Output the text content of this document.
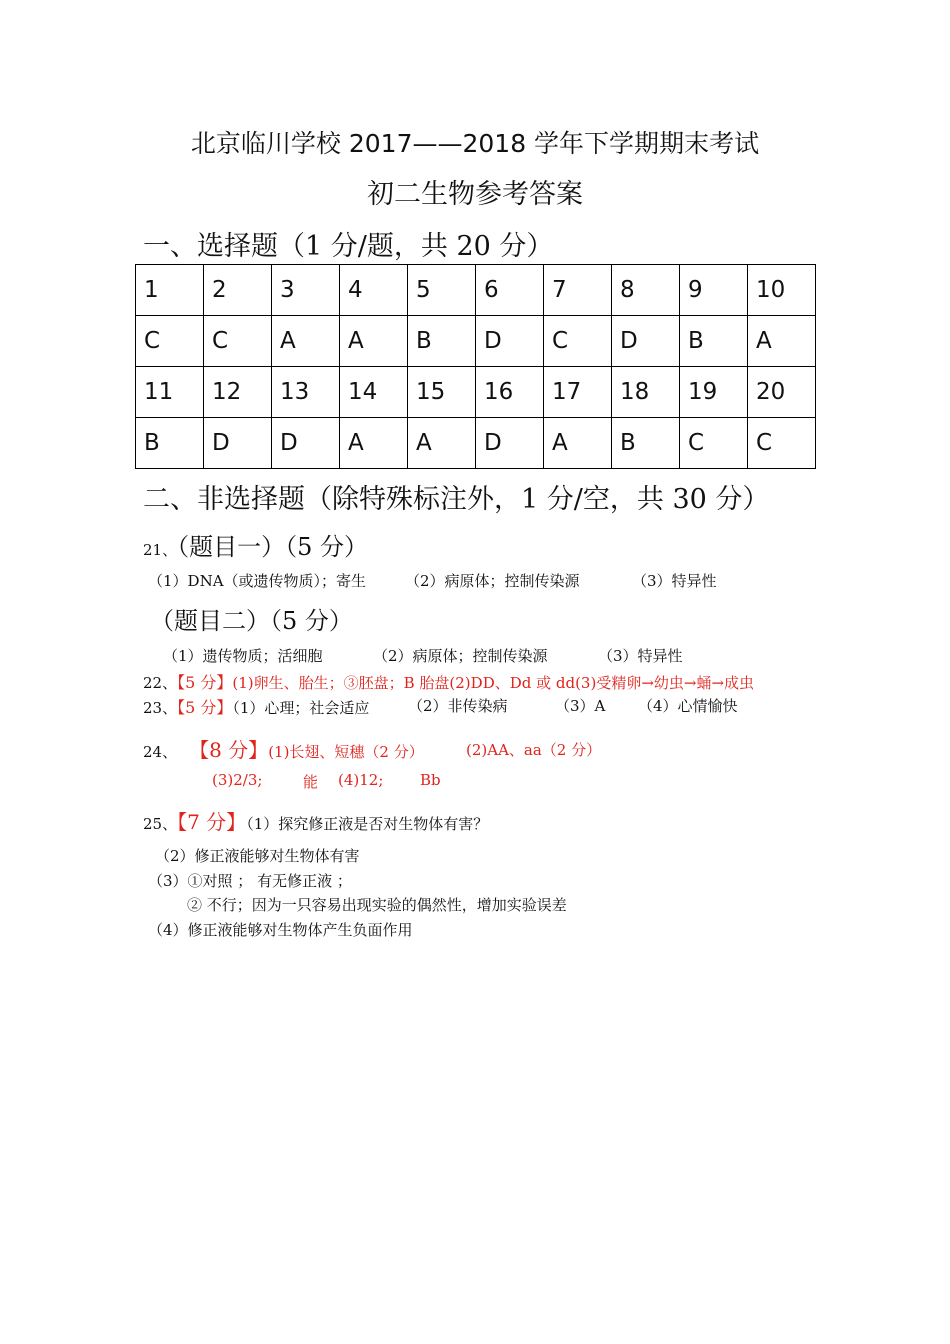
北京临川学校 2017——2018 学年下学期期末考试
初二生物参考答案
一、选择题（1 分/题，共 20 分）
1	2	3	4	5	6	7	8	9	10
C	C	A	A	B	D	C	D	B	A
11	12	13	14	15	16	17	18	19	20
B	D	D	A	A	D	A	B	C	C
二、非选择题（除特殊标注外，1 分/空，共 30 分）
21、（题目一）（5 分）
（1）DNA（或遗传物质）；寄生	（2）病原体；控制传染源	（3）特异性
（题目二）（5 分）
（1）遗传物质；活细胞	（2）病原体；控制传染源	（3）特异性
22、【5 分】(1)卵生、胎生；③胚盘；B 胎盘(2)DD、Dd 或 dd(3)受精卵→幼虫→蛹→成虫
23、【5 分】（1）心理；社会适应	（2）非传染病	（3）A （4）心情愉快
24、 【8 分】(1)长翅、短穗（2 分）	(2)AA、aa（2 分）
(3)2/3;	能 (4)12; Bb
25、【7 分】（1）探究修正液是否对生物体有害？
（2）修正液能够对生物体有害
（3）①对照 ； 有无修正液 ；
② 不行；因为一只容易出现实验的偶然性，增加实验误差
（4）修正液能够对生物体产生负面作用
